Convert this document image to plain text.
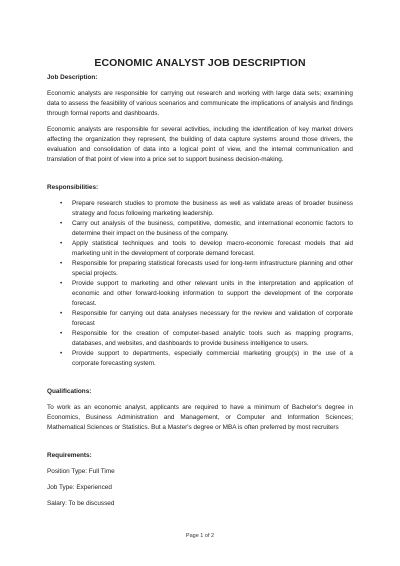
ECONOMIC ANALYST JOB DESCRIPTION
Job Description:

Economic analysts are responsible for carrying out research and working with large data sets; examining data to assess the feasibility of various scenarios and communicate the implications of analysis and findings through formal reports and dashboards.

Economic analysts are responsible for several activities, including the identification of key market drivers affecting the organization they represent, the building of data capture systems around those drivers, the evaluation and consolidation of data into a logical point of view, and the internal communication and translation of that point of view into a price set to support business decision-making.

Responsibilities:
• Prepare research studies to promote the business as well as validate areas of broader business strategy and focus following marketing leadership.
• Carry out analysis of the business, competitive, domestic, and international economic factors to determine their impact on the business of the company.
• Apply statistical techniques and tools to develop macro-economic forecast models that aid marketing unit in the development of corporate demand forecast.
• Responsible for preparing statistical forecasts used for long-term infrastructure planning and other special projects.
• Provide support to marketing and other relevant units in the interpretation and application of economic and other forward-looking information to support the development of the corporate forecast.
• Responsible for carrying out data analyses necessary for the review and validation of corporate forecast
• Responsible for the creation of computer-based analytic tools such as mapping programs, databases, and websites, and dashboards to provide business intelligence to users.
• Provide support to departments, especially commercial marketing group(s) in the use of a corporate forecasting system.
Qualifications:

To work as an economic analyst, applicants are required to have a minimum of Bachelor's degree in Economics, Business Administration and Management, or Computer and Information Sciences; Mathematical Sciences or Statistics. But a Master's degree or MBA is often preferred by most recruiters

Requirements:
Position Type: Full Time
Job Type: Experienced
Salary: To be discussed
Page 1 of 2
